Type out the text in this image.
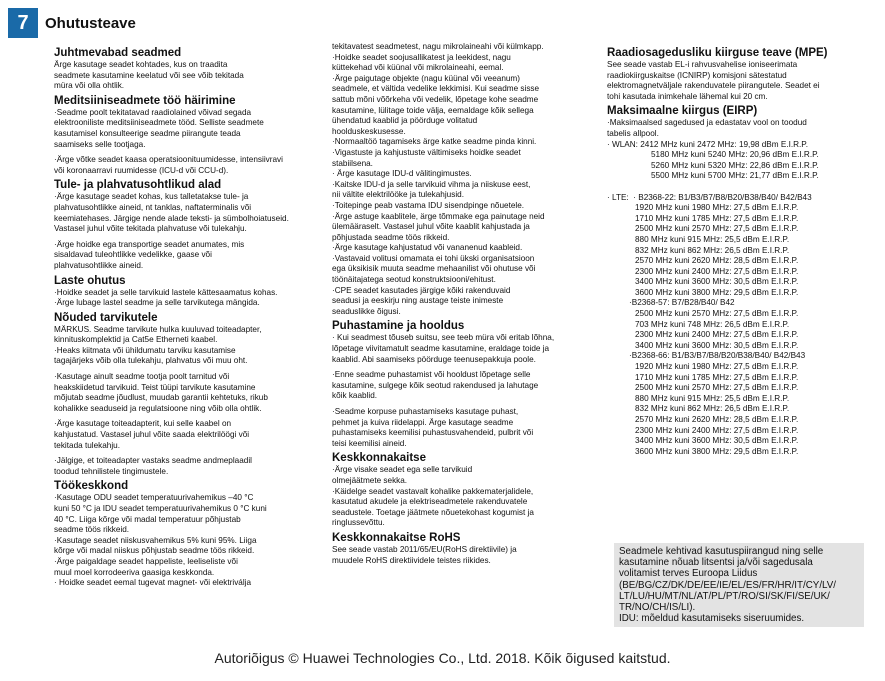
7	Ohutusteave
Juhtmevabad seadmed

Ärge kasutage seadet kohtades, kus on traadita
seadmete kasutamine keelatud või see võib tekitada
müra või olla ohtlik.

Meditsiiniseadmete töö häirimine

·Seadme poolt tekitatavad raadiolained võivad segada
elektrooniliste meditsiiniseadmete tööd. Selliste seadmete
kasutamisel konsulteerige seadme piirangute teada
saamiseks selle tootjaga.

·Ärge võtke seadet kaasa operatsioonituumidesse, intensiivravi
või koronaarravi ruumidesse (ICU-d või CCU-d).

Tule- ja plahvatusohtlikud alad

·Ärge kasutage seadet kohas, kus talletatakse tule- ja
plahvatusohtlikke aineid, nt tanklas, naftaterminalis või
keemiatehases. Järgige nende alade teksti- ja sümbolhoiatuseid.
Vastasel juhul võite tekitada plahvatuse või tulekahju.

·Ärge hoidke ega transportige seadet anumates, mis
sisaldavad tuleohtlikke vedelikke, gaase või
plahvatusohtlikke aineid.

Laste ohutus

·Hoidke seadet ja selle tarvikuid lastele kättesaamatus kohas.
·Ärge lubage lastel seadme ja selle tarvikutega mängida.

Nõuded tarvikutele

MÄRKUS. Seadme tarvikute hulka kuuluvad toiteadapter,
kinnituskomplektid ja Cat5e Etherneti kaabel.
·Heaks kiitmata või ühildumatu tarviku kasutamise
tagajärjeks võib olla tulekahju, plahvatus või muu oht.

·Kasutage ainult seadme tootja poolt tarnitud või
heakskiidetud tarvikuid. Teist tüüpi tarvikute kasutamine
mõjutab seadme jõudlust, muudab garantii kehtetuks, rikub
kohalikke seaduseid ja regulatsioone ning võib olla ohtlik.

·Ärge kasutage toiteadapterit, kui selle kaabel on
kahjustatud. Vastasel juhul võite saada elektrilöögi või
tekitada tulekahju.

·Jälgige, et toiteadapter vastaks seadme andmeplaadil
toodud tehnilistele tingimustele.

Töökeskkond

·Kasutage ODU seadet temperatuurivahemikus –40 °C
kuni 50 °C ja IDU seadet temperatuurivahemikus 0 °C kuni
40 °C. Liiga kõrge või madal temperatuur põhjustab
seadme töös rikkeid.
·Kasutage seadet niiskusvahemikus 5% kuni 95%. Liiga
kõrge või madal niiskus põhjustab seadme töös rikkeid.
·Ärge paigaldage seadet happeliste, leeliseliste või
muul moel korrodeeriva gaasiga keskkonda.
· Hoidke seadet eemal tugevat magnet- või elektriválja

tekitavatest seadmetest, nagu mikrolaineahi või külmkapp.
·Hoidke seadet soojusallikatest ja leekidest, nagu
küttekehad või küünal või mikrolaineahi, eemal.
·Ärge paigutage objekte (nagu küünal või veeanum)
seadmele, et vältida vedelike lekkimisi. Kui seadme sisse
sattub mõni võõrkeha või vedelik, lõpetage kohe seadme
kasutamine, lülitage toide välja, eemaldage kõik sellega
ühendatud kaablid ja pöörduge volitatud
hoolduskeskusesse.
·Normaaltöö tagamiseks ärge katke seadme pinda kinni.
·Vigastuste ja kahjustuste vältimiseks hoidke seadet
stabiilsena.
· Ärge kasutage IDU-d välitingimustes.
·Kaitske IDU-d ja selle tarvikuid vihma ja niiskuse eest,
nii vältite elektrilööke ja tulekahjusid.
·Toitepinge peab vastama IDU sisendpinge nõuetele.
·Ärge astuge kaablitele, ärge tõmmake ega painutage neid
ülemääraselt. Vastasel juhul võite kaablit kahjustada ja
põhjustada seadme töös rikkeid.
·Ärge kasutage kahjustatud või vananenud kaableid.
·Vastavaid volitusi omamata ei tohi ükski organisatsioon
ega üksikisik muuta seadme mehaanilist või ohutuse või
töönäitajatega seotud konstruktsiooni/ehitust.
·CPE seadet kasutades järgige kõiki rakenduvaid
seadusi ja eeskirju ning austage teiste inimeste
seaduslikke õigusi.

Puhastamine ja hooldus

· Kui seadmest tõuseb suitsu, see teeb müra või eritab lõhna,
lõpetage viivitamatult seadme kasutamine, eraldage toide ja
kaablid. Abi saamiseks pöörduge teenusepakkuja poole.

·Enne seadme puhastamist või hooldust lõpetage selle
kasutamine, sulgege kõik seotud rakendused ja lahutage
kõik kaablid.

·Seadme korpuse puhastamiseks kasutage puhast,
pehmet ja kuiva riidelappi. Ärge kasutage seadme
puhastamiseks keemilisi puhastusvahendeid, pulbrit või
teisi keemilisi aineid.

Keskkonnakaitse

·Ärge visake seadet ega selle tarvikuid
olmejäätmete sekka.
·Käidelge seadet vastavalt kohalike pakkematerjalidele,
kasutatud akudele ja elektriseadmetele rakenduvatele
seadustele. Toetage jäätmete nõuetekohast kogumist ja
ringlussevõttu.

Keskkonnakaitse RoHS

See seade vastab 2011/65/EU(RoHS direktiivile) ja
muudele RoHS direktiividele teistes riikides.

Raadiosagedusliku kiirguse teave (MPE)

See seade vastab EL-i rahvusvahelise ioniseerimata
raadiokiirguskaitse (ICNIRP) komisjoni sätestatud
elektromagnetväljale rakenduvatele piirangutele. Seadet ei
tohi kasutada inimkehale lähemal kui 20 cm.

Maksimaalne kiirgus (EIRP)

·Maksimaalsed sagedused ja edastatav vool on toodud
tabelis allpool.

· WLAN: 2412 MHz kuni 2472 MHz: 19,98 dBm E.I.R.P.
5180 MHz kuni 5240 MHz: 20,96 dBm E.I.R.P.
5260 MHz kuni 5320 MHz: 22,86 dBm E.I.R.P.
5500 MHz kuni 5700 MHz: 21,77 dBm E.I.R.P.

· LTE:  · B2368-22: B1/B3/B7/B8/B20/B38/B40/ B42/B43
1920 MHz kuni 1980 MHz: 27,5 dBm E.I.R.P.
1710 MHz kuni 1785 MHz: 27,5 dBm E.I.R.P.
2500 MHz kuni 2570 MHz: 27,5 dBm E.I.R.P.
880 MHz kuni 915 MHz: 25,5 dBm E.I.R.P.
832 MHz kuni 862 MHz: 26,5 dBm E.I.R.P.
2570 MHz kuni 2620 MHz: 28,5 dBm E.I.R.P.
2300 MHz kuni 2400 MHz: 27,5 dBm E.I.R.P.
3400 MHz kuni 3600 MHz: 30,5 dBm E.I.R.P.
3600 MHz kuni 3800 MHz: 29,5 dBm E.I.R.P.
·B2368-57: B7/B28/B40/ B42
2500 MHz kuni 2570 MHz: 27,5 dBm E.I.R.P.
703 MHz kuni 748 MHz: 26,5 dBm E.I.R.P.
2300 MHz kuni 2400 MHz: 27,5 dBm E.I.R.P.
3400 MHz kuni 3600 MHz: 30,5 dBm E.I.R.P.
·B2368-66: B1/B3/B7/B8/B20/B38/B40/ B42/B43
1920 MHz kuni 1980 MHz: 27,5 dBm E.I.R.P.
1710 MHz kuni 1785 MHz: 27,5 dBm E.I.R.P.
2500 MHz kuni 2570 MHz: 27,5 dBm E.I.R.P.
880 MHz kuni 915 MHz: 25,5 dBm E.I.R.P.
832 MHz kuni 862 MHz: 26,5 dBm E.I.R.P.
2570 MHz kuni 2620 MHz: 28,5 dBm E.I.R.P.
2300 MHz kuni 2400 MHz: 27,5 dBm E.I.R.P.
3400 MHz kuni 3600 MHz: 30,5 dBm E.I.R.P.
3600 MHz kuni 3800 MHz: 29,5 dBm E.I.R.P.
Seadmele kehtivad kasutuspiirangud ning selle
kasutamine nõuab litsentsi ja/või sagedusala
volitamist terves Euroopa Liidus
(BE/BG/CZ/DK/DE/EE/IE/EL/ES/FR/HR/IT/CY/LV/
LT/LU/HU/MT/NL/AT/PL/PT/RO/SI/SK/FI/SE/UK/
TR/NO/CH/IS/LI).
IDU: mõeldud kasutamiseks siseruumides.
Autoriõigus © Huawei Technologies Co., Ltd. 2018. Kõik õigused kaitstud.
